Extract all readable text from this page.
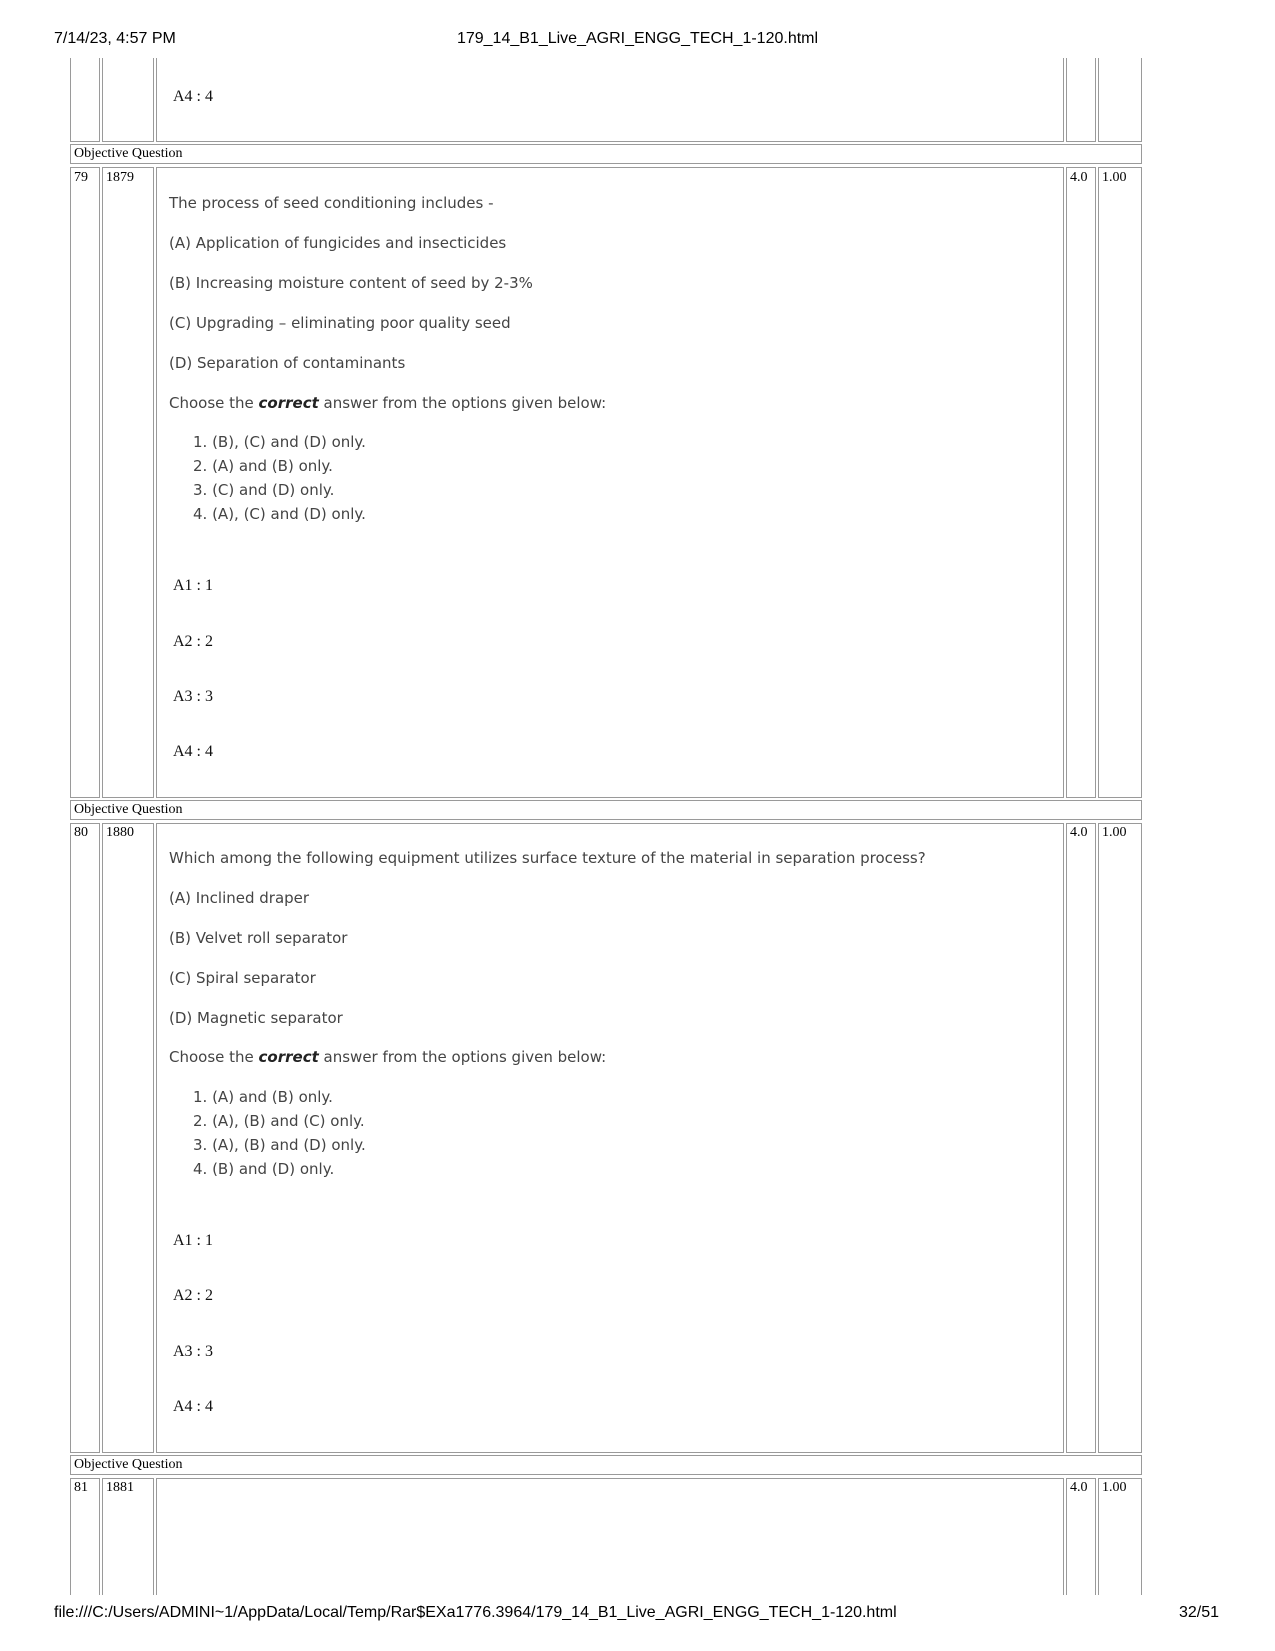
7/14/23, 4:57 PM	179_14_B1_Live_AGRI_ENGG_TECH_1-120.html
A4 : 4
Objective Question
79 1879	4.0 1.00
The process of seed conditioning includes -
(A) Application of fungicides and insecticides
(B) Increasing moisture content of seed by 2-3%
(C) Upgrading – eliminating poor quality seed
(D) Separation of contaminants
Choose the correct answer from the options given below:
1. (B), (C) and (D) only.
2. (A) and (B) only.
3. (C) and (D) only.
4. (A), (C) and (D) only.
A1 : 1
A2 : 2
A3 : 3
A4 : 4
Objective Question
80 1880	4.0 1.00
Which among the following equipment utilizes surface texture of the material in separation process?
(A) Inclined draper
(B) Velvet roll separator
(C) Spiral separator
(D) Magnetic separator
Choose the correct answer from the options given below:
1. (A) and (B) only.
2. (A), (B) and (C) only.
3. (A), (B) and (D) only.
4. (B) and (D) only.
A1 : 1
A2 : 2
A3 : 3
A4 : 4
Objective Question
81 1881	4.0 1.00
file:///C:/Users/ADMINI~1/AppData/Local/Temp/Rar$EXa1776.3964/179_14_B1_Live_AGRI_ENGG_TECH_1-120.html	32/51
